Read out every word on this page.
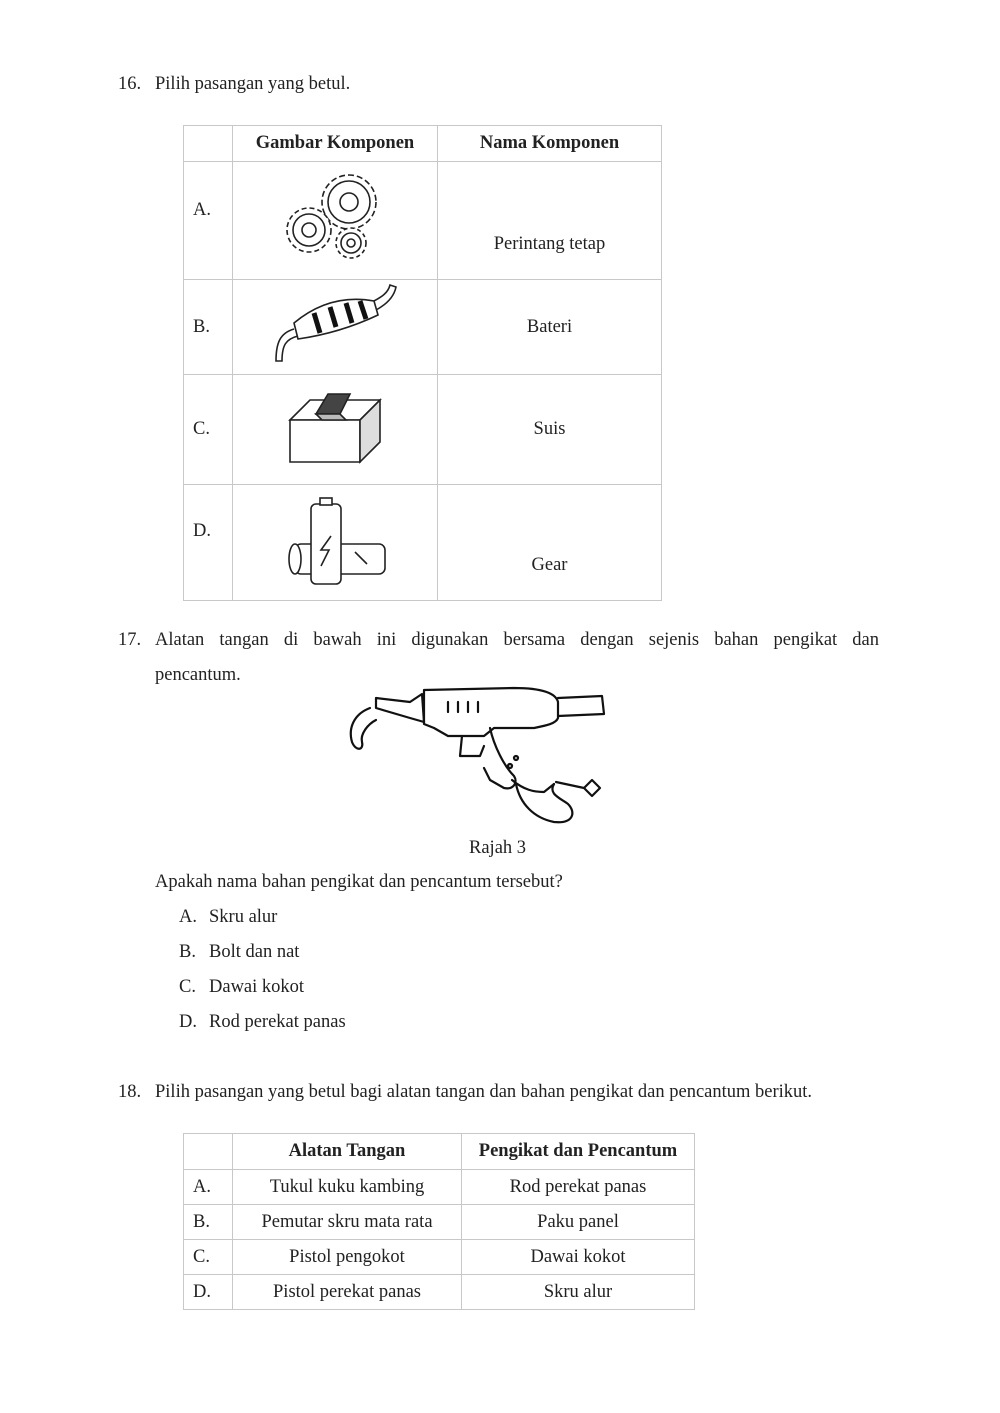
16. Pilih pasangan yang betul.
	Gambar Komponen	Nama Komponen
A.		Perintang tetap
B.		Bateri
C.		Suis
D.		Gear
17. Alatan tangan di bawah ini digunakan bersama dengan sejenis bahan pengikat dan
pencantum.
Rajah 3
Apakah nama bahan pengikat dan pencantum tersebut?
A. Skru alur
B. Bolt dan nat
C. Dawai kokot
D. Rod perekat panas
18. Pilih pasangan yang betul bagi alatan tangan dan bahan pengikat dan pencantum berikut.
	Alatan Tangan	Pengikat dan Pencantum
A.	Tukul kuku kambing	Rod perekat panas
B.	Pemutar skru mata rata	Paku panel
C.	Pistol pengokot	Dawai kokot
D.	Pistol perekat panas	Skru alur
